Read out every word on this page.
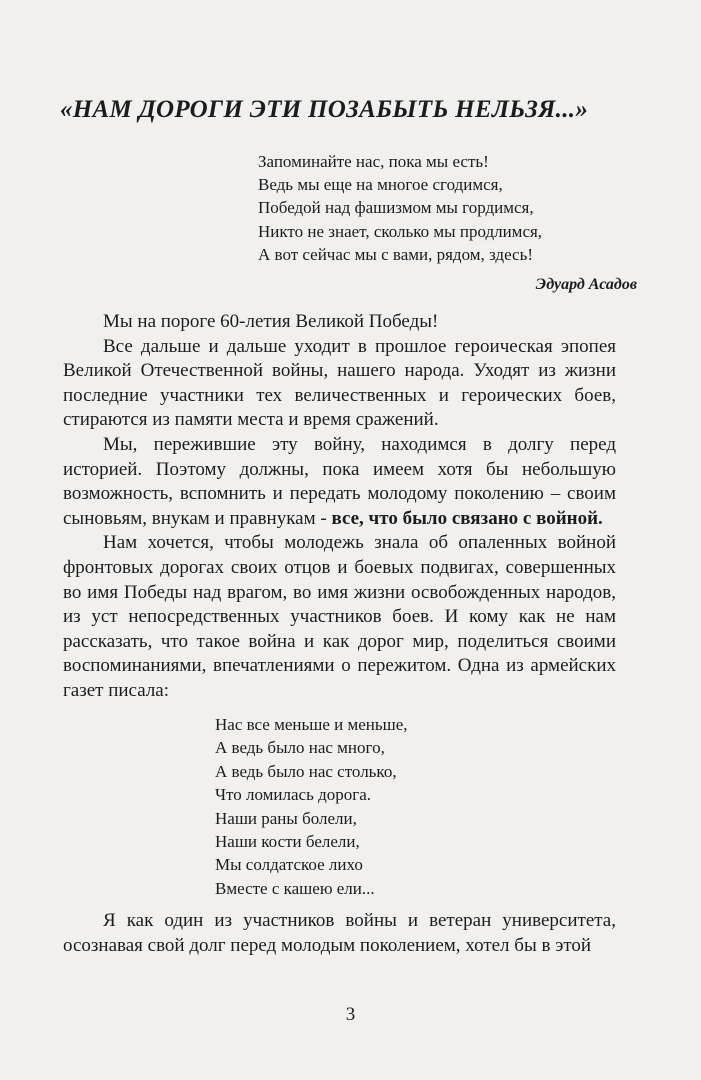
«НАМ ДОРОГИ ЭТИ ПОЗАБЫТЬ НЕЛЬЗЯ...»
Запоминайте нас, пока мы есть!
Ведь мы еще на многое сгодимся,
Победой над фашизмом мы гордимся,
Никто не знает, сколько мы продлимся,
А вот сейчас мы с вами, рядом, здесь!
Эдуард Асадов

Мы на пороге 60-летия Великой Победы!

Все дальше и дальше уходит в прошлое героическая эпопея Великой Отечественной войны, нашего народа. Уходят из жизни последние участники тех величественных и героических боев, стираются из памяти места и время сражений.

Мы, пережившие эту войну, находимся в долгу перед историей. Поэтому должны, пока имеем хотя бы небольшую возможность, вспомнить и передать молодому поколению – своим сыновьям, внукам и правнукам - все, что было связано с войной.

Нам хочется, чтобы молодежь знала об опаленных войной фронтовых дорогах своих отцов и боевых подвигах, совершенных во имя Победы над врагом, во имя жизни освобожденных народов, из уст непосредственных участников боев. И кому как не нам рассказать, что такое война и как дорог мир, поделиться своими воспоминаниями, впечатлениями о пережитом. Одна из армейских газет писала:

Нас все меньше и меньше,
А ведь было нас много,
А ведь было нас столько,
Что ломилась дорога.
Наши раны болели,
Наши кости белели,
Мы солдатское лихо
Вместе с кашею ели...

Я как один из участников войны и ветеран университета, осознавая свой долг перед молодым поколением, хотел бы в этой

3
